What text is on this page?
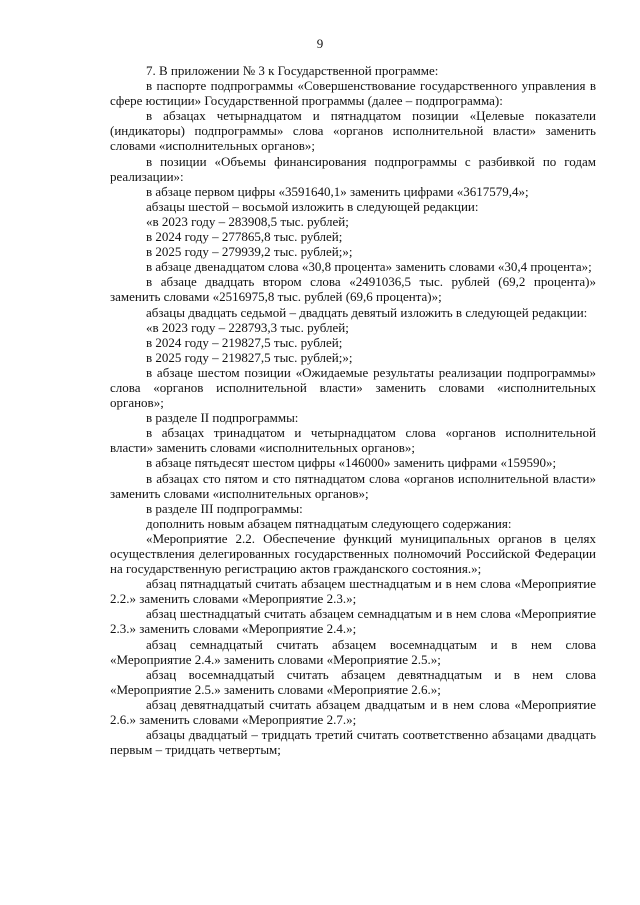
9

7. В приложении № 3 к Государственной программе:

в паспорте подпрограммы «Совершенствование государственного управления в сфере юстиции» Государственной программы (далее – подпрограмма):

в абзацах четырнадцатом и пятнадцатом позиции «Целевые показатели (индикаторы) подпрограммы» слова «органов исполнительной власти» заменить словами «исполнительных органов»;

в позиции «Объемы финансирования подпрограммы с разбивкой по годам реализации»:

в абзаце первом цифры «3591640,1» заменить цифрами «3617579,4»;

абзацы шестой – восьмой изложить в следующей редакции:

«в 2023 году – 283908,5 тыс. рублей;

в 2024 году – 277865,8 тыс. рублей;

в 2025 году – 279939,2 тыс. рублей;»;

в абзаце двенадцатом слова «30,8 процента» заменить словами «30,4 процента»;

в абзаце двадцать втором слова «2491036,5 тыс. рублей (69,2 процента)» заменить словами «2516975,8 тыс. рублей (69,6 процента)»;

абзацы двадцать седьмой – двадцать девятый изложить в следующей редакции:

«в 2023 году – 228793,3 тыс. рублей;

в 2024 году – 219827,5 тыс. рублей;

в 2025 году – 219827,5 тыс. рублей;»;

в абзаце шестом позиции «Ожидаемые результаты реализации подпрограммы» слова «органов исполнительной власти» заменить словами «исполнительных органов»;

в разделе II подпрограммы:

в абзацах тринадцатом и четырнадцатом слова «органов исполнительной власти» заменить словами «исполнительных органов»;

в абзаце пятьдесят шестом цифры «146000» заменить цифрами «159590»;

в абзацах сто пятом и сто пятнадцатом слова «органов исполнительной власти» заменить словами «исполнительных органов»;

в разделе III подпрограммы:

дополнить новым абзацем пятнадцатым следующего содержания:

«Мероприятие 2.2. Обеспечение функций муниципальных органов в целях осуществления делегированных государственных полномочий Российской Федерации на государственную регистрацию актов гражданского состояния.»;

абзац пятнадцатый считать абзацем шестнадцатым и в нем слова «Мероприятие 2.2.» заменить словами «Мероприятие 2.3.»;

абзац шестнадцатый считать абзацем семнадцатым и в нем слова «Мероприятие 2.3.» заменить словами «Мероприятие 2.4.»;

абзац семнадцатый считать абзацем восемнадцатым и в нем слова «Мероприятие 2.4.» заменить словами «Мероприятие 2.5.»;

абзац восемнадцатый считать абзацем девятнадцатым и в нем слова «Мероприятие 2.5.» заменить словами «Мероприятие 2.6.»;

абзац девятнадцатый считать абзацем двадцатым и в нем слова «Мероприятие 2.6.» заменить словами «Мероприятие 2.7.»;

абзацы двадцатый – тридцать третий считать соответственно абзацами двадцать первым – тридцать четвертым;
